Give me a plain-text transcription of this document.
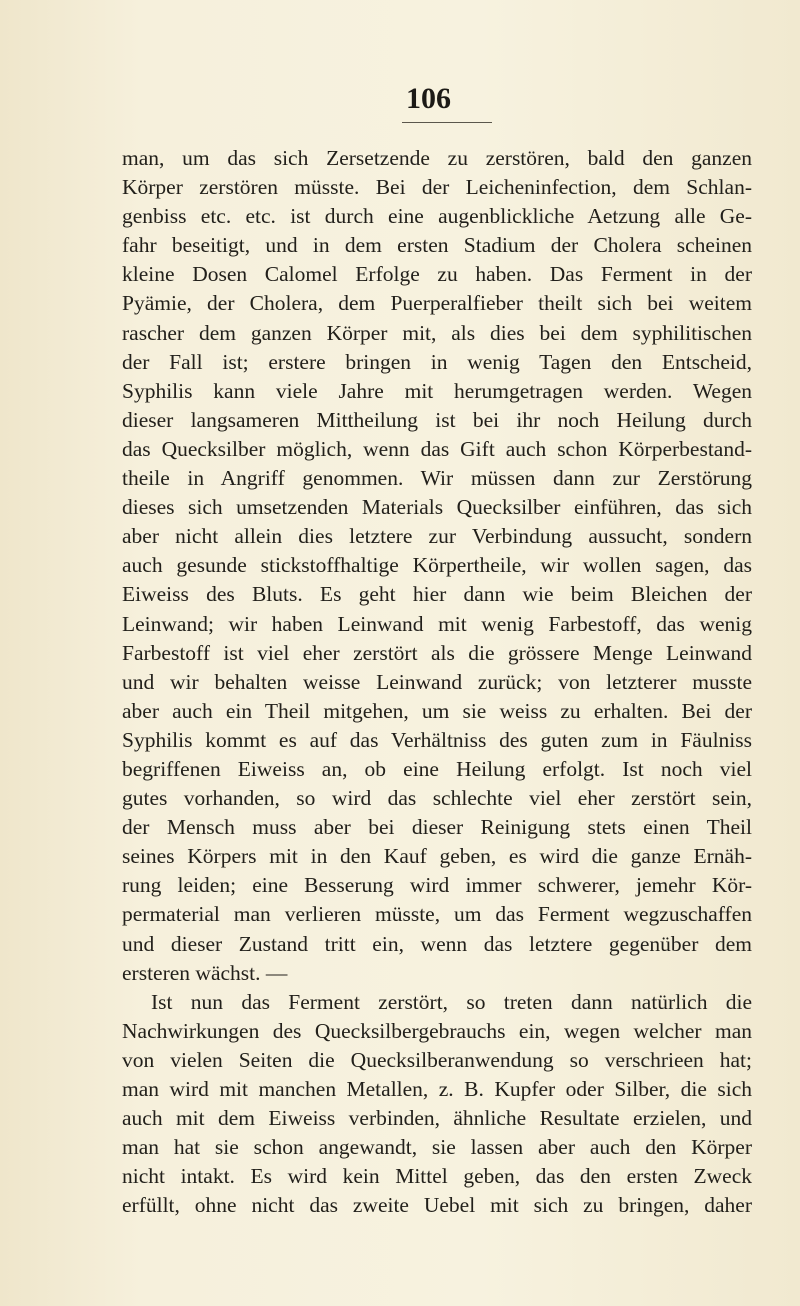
106
man, um das sich Zersetzende zu zerstören, bald den ganzen
Körper zerstören müsste. Bei der Leicheninfection, dem Schlan-
genbiss etc. etc. ist durch eine augenblickliche Aetzung alle Ge-
fahr beseitigt, und in dem ersten Stadium der Cholera scheinen
kleine Dosen Calomel Erfolge zu haben. Das Ferment in der
Pyämie, der Cholera, dem Puerperalfieber theilt sich bei weitem
rascher dem ganzen Körper mit, als dies bei dem syphilitischen
der Fall ist; erstere bringen in wenig Tagen den Entscheid,
Syphilis kann viele Jahre mit herumgetragen werden. Wegen
dieser langsameren Mittheilung ist bei ihr noch Heilung durch
das Quecksilber möglich, wenn das Gift auch schon Körperbestand-
theile in Angriff genommen. Wir müssen dann zur Zerstörung
dieses sich umsetzenden Materials Quecksilber einführen, das sich
aber nicht allein dies letztere zur Verbindung aussucht, sondern
auch gesunde stickstoffhaltige Körpertheile, wir wollen sagen, das
Eiweiss des Bluts. Es geht hier dann wie beim Bleichen der
Leinwand; wir haben Leinwand mit wenig Farbestoff, das wenig
Farbestoff ist viel eher zerstört als die grössere Menge Leinwand
und wir behalten weisse Leinwand zurück; von letzterer musste
aber auch ein Theil mitgehen, um sie weiss zu erhalten. Bei der
Syphilis kommt es auf das Verhältniss des guten zum in Fäulniss
begriffenen Eiweiss an, ob eine Heilung erfolgt. Ist noch viel
gutes vorhanden, so wird das schlechte viel eher zerstört sein,
der Mensch muss aber bei dieser Reinigung stets einen Theil
seines Körpers mit in den Kauf geben, es wird die ganze Ernäh-
rung leiden; eine Besserung wird immer schwerer, jemehr Kör-
permaterial man verlieren müsste, um das Ferment wegzuschaffen
und dieser Zustand tritt ein, wenn das letztere gegenüber dem
ersteren wächst. —
Ist nun das Ferment zerstört, so treten dann natürlich die
Nachwirkungen des Quecksilbergebrauchs ein, wegen welcher man
von vielen Seiten die Quecksilberanwendung so verschrieen hat;
man wird mit manchen Metallen, z. B. Kupfer oder Silber, die sich
auch mit dem Eiweiss verbinden, ähnliche Resultate erzielen, und
man hat sie schon angewandt, sie lassen aber auch den Körper
nicht intakt. Es wird kein Mittel geben, das den ersten Zweck
erfüllt, ohne nicht das zweite Uebel mit sich zu bringen, daher
